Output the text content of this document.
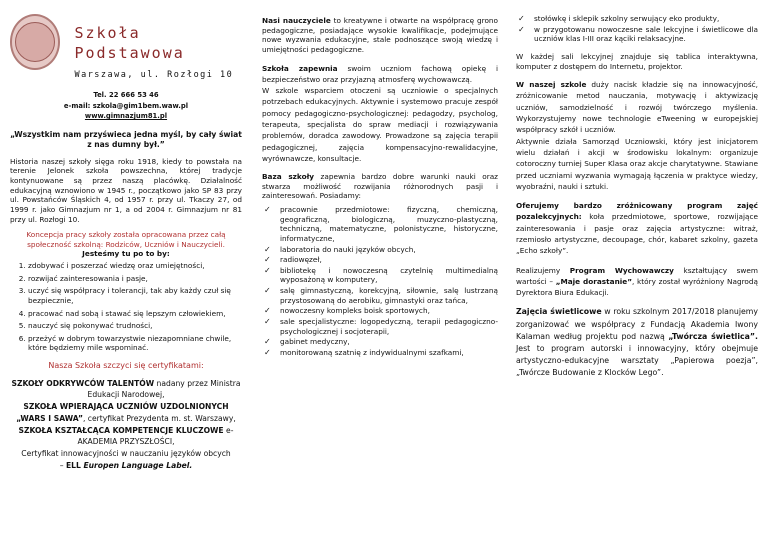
Szkoła Podstawowa
Warszawa, ul. Rozłogi 10
Tel. 22 666 53 46
e-mail: szkola@gim1bem.waw.pl
www.gimnazjum81.pl

„Wszystkim nam przyświeca jedna myśl, by cały świat z nas dumny był.”

Historia naszej szkoły sięga roku 1918, kiedy to powstała na terenie Jelonek szkoła powszechna, której tradycje kontynuowane są przez naszą placówkę. Działalność edukacyjną wznowiono w 1945 r., początkowo jako SP 83 przy ul. Powstańców Śląskich 4, od 1957 r. przy ul. Tkaczy 27, od 1999 r. jako Gimnazjum nr 1, a od 2004 r. Gimnazjum nr 81 przy ul. Rozłogi 10.

Koncepcja pracy szkoły została opracowana przez całą społeczność szkolną: Rodziców, Uczniów i Nauczycieli.

Jesteśmy tu po to by:

1. zdobywać i poszerzać wiedzę oraz umiejętności,
2. rozwijać zainteresowania i pasje,
3. uczyć się współpracy i tolerancji, tak aby każdy czuł się bezpiecznie,
4. pracować nad sobą i stawać się lepszym człowiekiem,
5. nauczyć się pokonywać trudności,
6. przeżyć w dobrym towarzystwie niezapomniane chwile, które będziemy mile wspominać.

Nasza Szkoła szczyci się certyfikatami:

SZKOŁY ODKRYWCÓW TALENTÓW nadany przez Ministra Edukacji Narodowej,

SZKOŁA WPIERAJĄCA UCZNIÓW UZDOLNIONYCH „WARS I SAWA”, certyfikat Prezydenta m. st. Warszawy,

SZKOŁA KSZTAŁCĄCA KOMPETENCJE KLUCZOWE e-AKADEMIA PRZYSZŁOŚCI,

Certyfikat innowacyjności w nauczaniu języków obcych

– ELL Europen Language Label.

Nasi nauczyciele to kreatywne i otwarte na współpracę grono pedagogiczne, posiadające wysokie kwalifikacje, podejmujące nowe wyzwania edukacyjne, stale podnoszące swoją wiedzę i umiejętności pedagogiczne.

Szkoła zapewnia swoim uczniom fachową opiekę i bezpieczeństwo oraz przyjazną atmosferę wychowawczą.

W szkole wsparciem otoczeni są uczniowie o specjalnych potrzebach edukacyjnych. Aktywnie i systemowo pracuje zespół pomocy pedagogiczno-psychologicznej: pedagodzy, psycholog, terapeuta, specjalista do spraw mediacji i rozwiązywania problemów, doradca zawodowy. Prowadzone są zajęcia terapii pedagogicznej, zajęcia kompensacyjno-rewalidacyjne, wyrównawcze, konsultacje.

Baza szkoły zapewnia bardzo dobre warunki nauki oraz stwarza możliwość rozwijania różnorodnych pasji i zainteresowań. Posiadamy:

✓ pracownie przedmiotowe: fizyczną, chemiczną, geograficzną, biologiczną, muzyczno-plastyczną, techniczną, matematyczne, polonistyczne, historyczne, informatyczne,
✓ laboratoria do nauki języków obcych,
✓ radiowęzeł,
✓ bibliotekę i nowoczesną czytelnię multimedialną wyposażoną w komputery,
✓ salę gimnastyczną, korekcyjną, siłownie, salę lustrzaną przystosowaną do aerobiku, gimnastyki oraz tańca,
✓ nowoczesny kompleks boisk sportowych,
✓ sale specjalistyczne: logopedyczną, terapii pedagogiczno-psychologicznej i socjoterapii,
✓ gabinet medyczny,
✓ monitorowaną szatnię z indywidualnymi szafkami,
✓ stołówkę i sklepik szkolny serwujący eko produkty,
✓ w przygotowanu nowoczesne sale lekcyjne i świetlicowe dla uczniów klas I-III oraz kąciki relaksacyjne.

W każdej sali lekcyjnej znajduje się tablica interaktywna, komputer z dostępem do Internetu, projektor.

W naszej szkole duży nacisk kładzie się na innowacyjność, zróżnicowanie metod nauczania, motywację i aktywizację uczniów, samodzielność i rozwój twórczego myślenia. Wykorzystujemy nowe technologie eTweening w europejskiej współpracy szkół i uczniów.

Aktywnie działa Samorząd Uczniowski, który jest inicjatorem wielu działań i akcji w środowisku lokalnym: organizuje cotoroczny turniej Super Klasa oraz akcje charytatywne. Stawiane przed uczniami wyzwania wymagają łączenia w praktyce wiedzy, wyobraźni, nauki i sztuki.

Oferujemy bardzo zróżnicowany program zajęć pozalekcyjnych: koła przedmiotowe, sportowe, rozwijające zainteresowania i pasje oraz zajęcia artystyczne: witraż, rzemiosło artystyczne, decoupage, chór, kabaret szkolny, gazeta „Echo szkoły”.

Realizujemy Program Wychowawczy kształtujący swem wartości – „Maje dorastanie”, który został wyróżniony Nagrodą Dyrektora Biura Edukacji.

Zajęcia świetlicowe w roku szkolnym 2017/2018 planujemy zorganizować we współpracy z Fundacją Akademia Iwony Kalaman według projektu pod nazwą „Twórcza świetlica”. Jest to program autorski i innowacyjny, który obejmuje artystyczno-edukacyjne warsztaty „Papierowa poezja”, „Twórcze Budowanie z Klocków Lego”.
